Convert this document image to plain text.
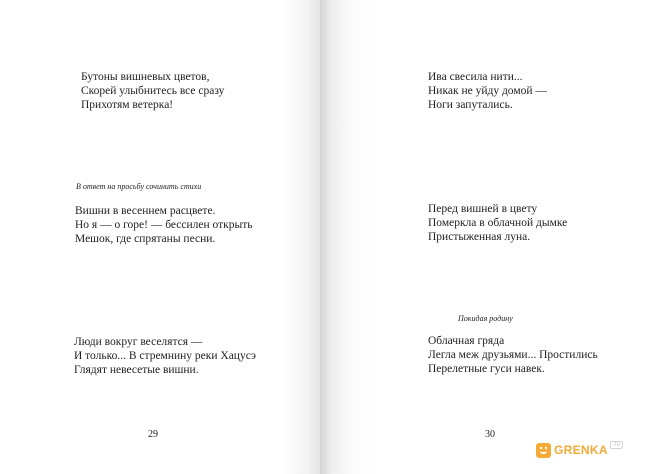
Бутоны вишневых цветов,
Скорей улыбнитесь все сразу
Прихотям ветерка!

В ответ на просьбу сочинить стихи

Вишни в весеннем расцвете.
Но я — о горе! — бессилен открыть
Мешок, где спрятаны песни.

Люди вокруг веселятся —
И только... В стремнину реки Хацусэ
Глядят невесетые вишни.

29

Ива свесила нити...
Никак не уйду домой —
Ноги запутались.

Перед вишней в цвету
Померкла в облачной дымке
Пристыженная луна.

Покидая родину

Облачная гряда
Легла меж друзьями... Простились
Перелетные гуси навек.

30
GRENKA .ru
